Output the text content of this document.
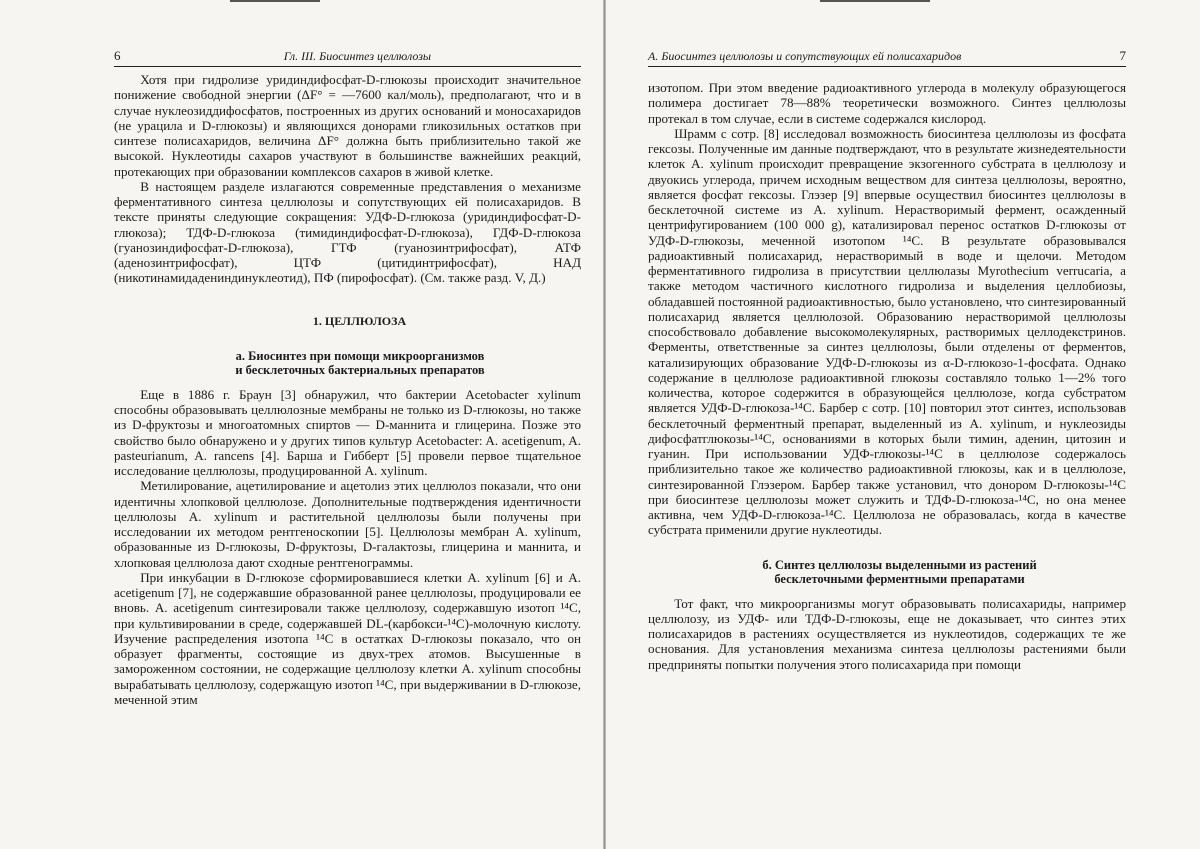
6	Гл. III. Биосинтез целлюлозы	А. Биосинтез целлюлозы и сопутствующих ей полисахаридов	7

Хотя при гидролизе уридиндифосфат-D-глюкозы происходит значительное понижение свободной энергии (ΔF° = —7600 кал/моль), предполагают, что и в случае нуклеозиддифосфатов, построенных из других оснований и моносахаридов (не урацила и D-глюкозы) и являющихся донорами гликозильных остатков при синтезе полисахаридов, величина ΔF° должна быть приблизительно такой же высокой. Нуклеотиды сахаров участвуют в большинстве важнейших реакций, протекающих при образовании комплексов сахаров в живой клетке.

В настоящем разделе излагаются современные представления о механизме ферментативного синтеза целлюлозы и сопутствующих ей полисахаридов. В тексте приняты следующие сокращения: УДФ-D-глюкоза (уридиндифосфат-D-глюкоза); ТДФ-D-глюкоза (тимидиндифосфат-D-глюкоза), ГДФ-D-глюкоза (гуанозиндифосфат-D-глюкоза), ГТФ (гуанозинтрифосфат), АТФ (аденозинтрифосфат), ЦТФ (цитидинтрифосфат), НАД (никотинамидадениндинуклеотид), ПФ (пирофосфат). (См. также разд. V, Д.)

1. ЦЕЛЛЮЛОЗА

а. Биосинтез при помощи микроорганизмов

и бесклеточных бактериальных препаратов

Еще в 1886 г. Браун [3] обнаружил, что бактерии Acetobacter xylinum способны образовывать целлюлозные мембраны не только из D-глюкозы, но также из D-фруктозы и многоатомных спиртов — D-маннита и глицерина. Позже это свойство было обнаружено и у других типов культур Acetobacter: A. acetigenum, A. pasteurianum, A. rancens [4]. Барша и Гибберт [5] провели первое тщательное исследование целлюлозы, продуцированной A. xylinum.

Метилирование, ацетилирование и ацетолиз этих целлюлоз показали, что они идентичны хлопковой целлюлозе. Дополнительные подтверждения идентичности целлюлозы A. xylinum и растительной целлюлозы были получены при исследовании их методом рентгеноскопии [5]. Целлюлозы мембран A. xylinum, образованные из D-глюкозы, D-фруктозы, D-галактозы, глицерина и маннита, и хлопковая целлюлоза дают сходные рентгенограммы.

При инкубации в D-глюкозе сформировавшиеся клетки A. xylinum [6] и A. acetigenum [7], не содержавшие образованной ранее целлюлозы, продуцировали ее вновь. A. acetigenum синтезировали также целлюлозу, содержавшую изотоп ¹⁴C, при культивировании в среде, содержавшей DL-(карбокси-¹⁴C)-молочную кислоту. Изучение распределения изотопа ¹⁴C в остатках D-глюкозы показало, что он образует фрагменты, состоящие из двух-трех атомов. Высушенные в замороженном состоянии, не содержащие целлюлозу клетки A. xylinum способны вырабатывать целлюлозу, содержащую изотоп ¹⁴C, при выдерживании в D-глюкозе, меченной этим

изотопом. При этом введение радиоактивного углерода в молекулу образующегося полимера достигает 78—88% теоретически возможного. Синтез целлюлозы протекал в том случае, если в системе содержался кислород.

Шрамм с сотр. [8] исследовал возможность биосинтеза целлюлозы из фосфата гексозы. Полученные им данные подтверждают, что в результате жизнедеятельности клеток A. xylinum происходит превращение экзогенного субстрата в целлюлозу и двуокись углерода, причем исходным веществом для синтеза целлюлозы, вероятно, является фосфат гексозы. Глэзер [9] впервые осуществил биосинтез целлюлозы в бесклеточной системе из A. xylinum. Нерастворимый фермент, осажденный центрифугированием (100 000 g), катализировал перенос остатков D-глюкозы от УДФ-D-глюкозы, меченной изотопом ¹⁴C. В результате образовывался радиоактивный полисахарид, нерастворимый в воде и щелочи. Методом ферментативного гидролиза в присутствии целлюлазы Myrothecium verrucaria, а также методом частичного кислотного гидролиза и выделения целлобиозы, обладавшей постоянной радиоактивностью, было установлено, что синтезированный полисахарид является целлюлозой. Образованию нерастворимой целлюлозы способствовало добавление высокомолекулярных, растворимых целлодекстринов. Ферменты, ответственные за синтез целлюлозы, были отделены от ферментов, катализирующих образование УДФ-D-глюкозы из α-D-глюкозо-1-фосфата. Однако содержание в целлюлозе радиоактивной глюкозы составляло только 1—2% того количества, которое содержится в образующейся целлюлозе, когда субстратом является УДФ-D-глюкоза-¹⁴C. Барбер с сотр. [10] повторил этот синтез, использовав бесклеточный ферментный препарат, выделенный из A. xylinum, и нуклеозиды дифосфатглюкозы-¹⁴C, основаниями в которых были тимин, аденин, цитозин и гуанин. При использовании УДФ-глюкозы-¹⁴C в целлюлозе содержалось приблизительно такое же количество радиоактивной глюкозы, как и в целлюлозе, синтезированной Глэзером. Барбер также установил, что донором D-глюкозы-¹⁴C при биосинтезе целлюлозы может служить и ТДФ-D-глюкоза-¹⁴C, но она менее активна, чем УДФ-D-глюкоза-¹⁴C. Целлюлоза не образовалась, когда в качестве субстрата применили другие нуклеотиды.

б. Синтез целлюлозы выделенными из растений

бесклеточными ферментными препаратами

Тот факт, что микроорганизмы могут образовывать полисахариды, например целлюлозу, из УДФ- или ТДФ-D-глюкозы, еще не доказывает, что синтез этих полисахаридов в растениях осуществляется из нуклеотидов, содержащих те же основания. Для установления механизма синтеза целлюлозы растениями были предприняты попытки получения этого полисахарида при помощи
